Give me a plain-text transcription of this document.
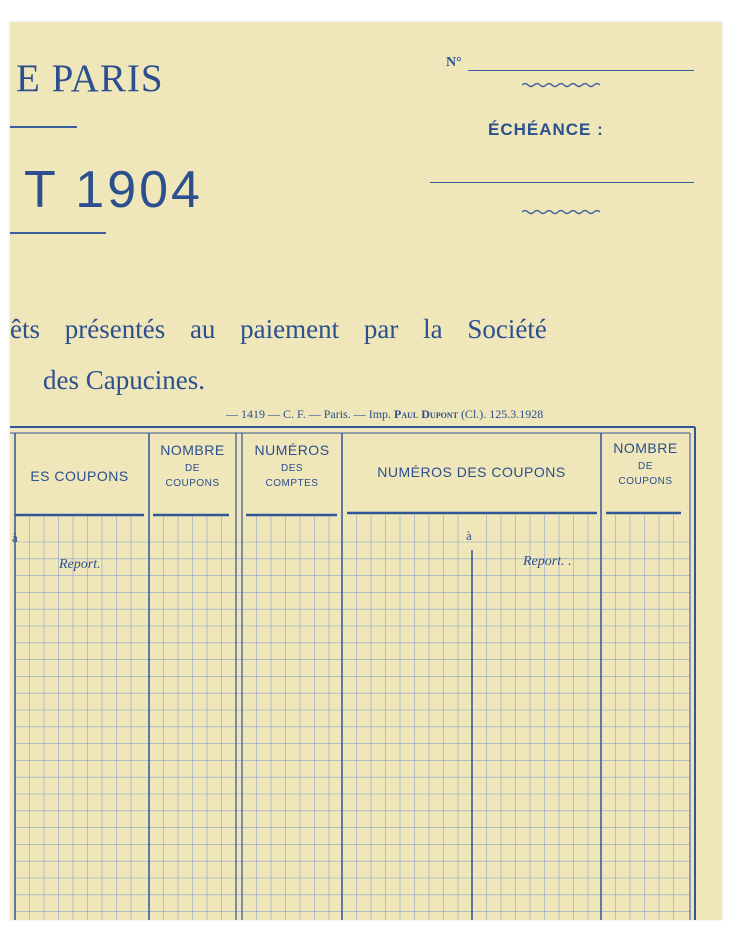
E PARIS
T 1904
N°
ÉCHÉANCE :
êts présentés au paiement par la Société
des Capucines.
— 1419 — C. F. — Paris. — Imp. Paul Dupont (Cl.). 125.3.1928
ES COUPONS
NOMBRE
DE
COUPONS
NUMÉROS
DES
COMPTES
NUMÉROS DES COUPONS
NOMBRE
DE
COUPONS
à	à
Report.	Report. .
